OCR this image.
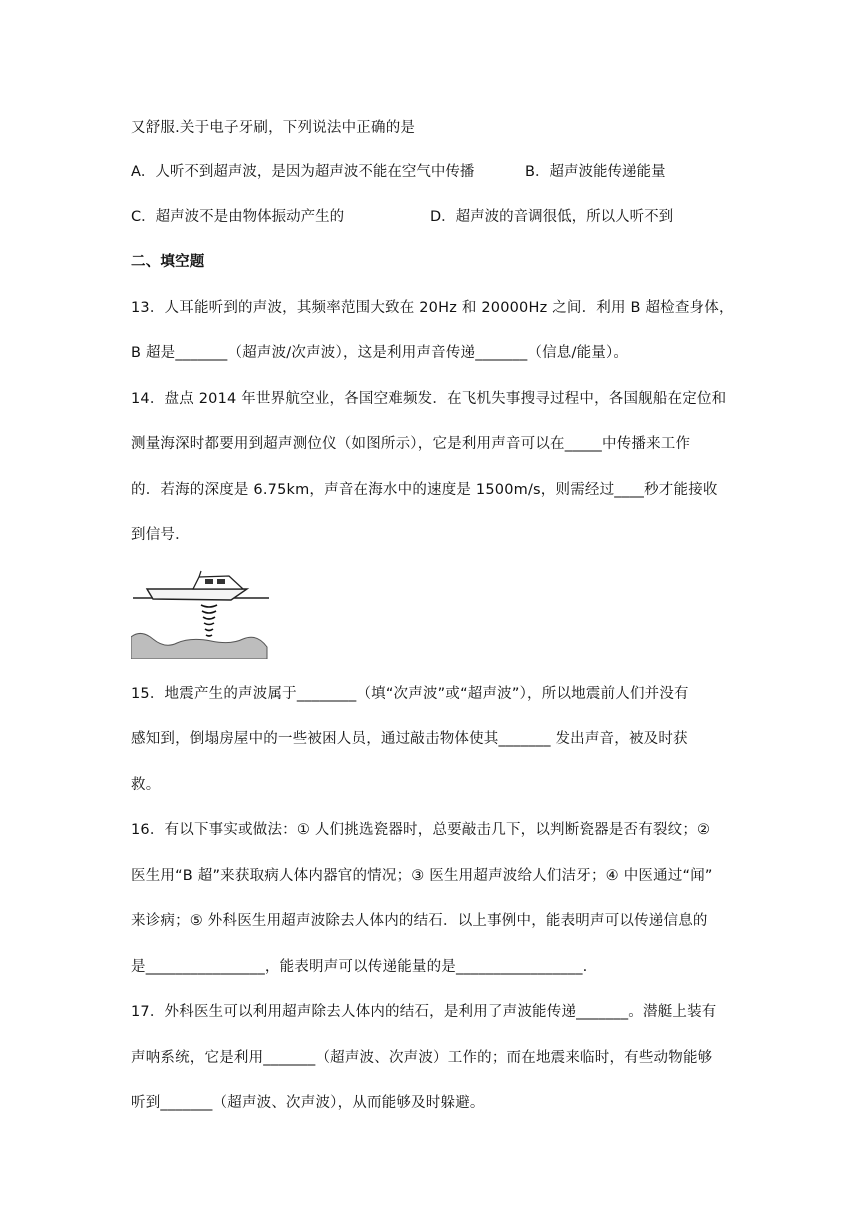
又舒服.关于电子牙刷，下列说法中正确的是
A．人听不到超声波，是因为超声波不能在空气中传播	B．超声波能传递能量
C．超声波不是由物体振动产生的	D．超声波的音调很低，所以人听不到
二、填空题
13．人耳能听到的声波，其频率范围大致在 20Hz 和 20000Hz 之间．利用 B 超检查身体，
B 超是_______（超声波/次声波），这是利用声音传递_______（信息/能量）。
14．盘点 2014 年世界航空业，各国空难频发．在飞机失事搜寻过程中，各国舰船在定位和
测量海深时都要用到超声测位仪（如图所示），它是利用声音可以在_____中传播来工作
的．若海的深度是 6.75km，声音在海水中的速度是 1500m/s，则需经过____秒才能接收
到信号．
15．地震产生的声波属于________（填“次声波”或“超声波”），所以地震前人们并没有
感知到，倒塌房屋中的一些被困人员，通过敲击物体使其_______ 发出声音，被及时获
救。
16．有以下事实或做法：① 人们挑选瓷器时，总要敲击几下，以判断瓷器是否有裂纹；②
医生用“B 超”来获取病人体内器官的情况；③ 医生用超声波给人们洁牙；④ 中医通过“闻”
来诊病；⑤ 外科医生用超声波除去人体内的结石．以上事例中，能表明声可以传递信息的
是________________，能表明声可以传递能量的是_________________.
17．外科医生可以利用超声除去人体内的结石，是利用了声波能传递_______。潜艇上装有
声呐系统，它是利用_______（超声波、次声波）工作的；而在地震来临时，有些动物能够
听到_______（超声波、次声波），从而能够及时躲避。
